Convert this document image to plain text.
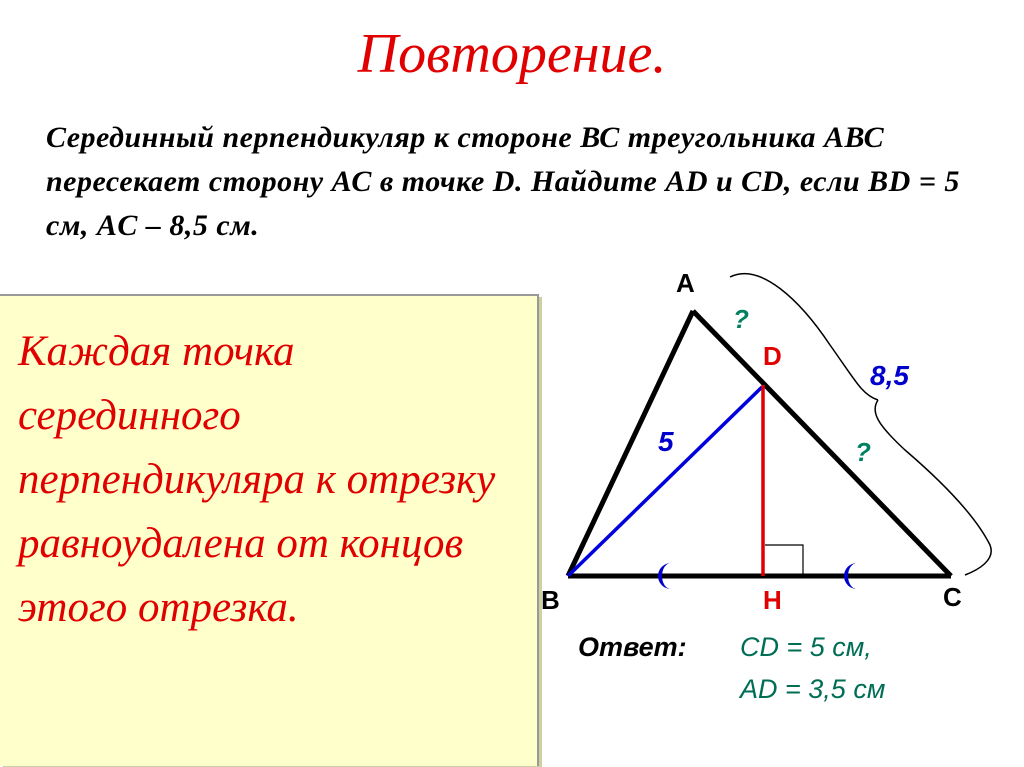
Повторение.

Серединный перпендикуляр к стороне ВС треугольника АВС пересекает сторону АС в точке D. Найдите АD и CD, если BD = 5 см, AC – 8,5 см.

Каждая точка серединного перпендикуляра к отрезку равноудалена от концов этого отрезка.

A
B	C
D
H
5
8,5
?
?
Ответ: CD = 5 см,
AD = 3,5 см
